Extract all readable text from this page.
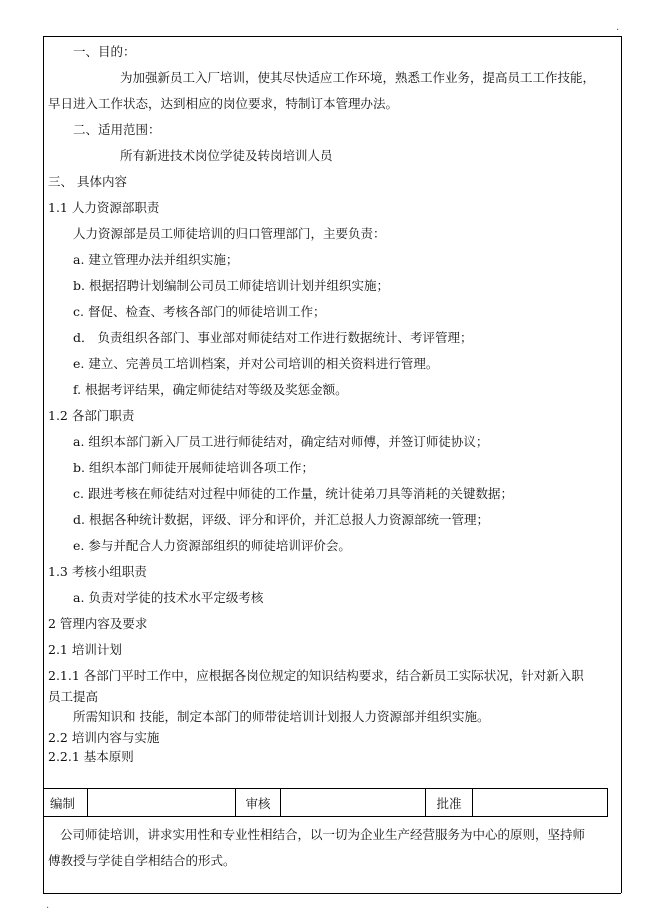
.
.
一、目的：
为加强新员工入厂培训，使其尽快适应工作环境，熟悉工作业务，提高员工工作技能，
早日进入工作状态，达到相应的岗位要求，特制订本管理办法。
二、适用范围：
所有新进技术岗位学徒及转岗培训人员
三、 具体内容
1.1 人力资源部职责
人力资源部是员工师徒培训的归口管理部门，主要负责：
a. 建立管理办法并组织实施；
b. 根据招聘计划编制公司员工师徒培训计划并组织实施；
c. 督促、检查、考核各部门的师徒培训工作；
d． 负责组织各部门、事业部对师徒结对工作进行数据统计、考评管理；
e. 建立、完善员工培训档案，并对公司培训的相关资料进行管理。
f. 根据考评结果，确定师徒结对等级及奖惩金额。
1.2 各部门职责
a. 组织本部门新入厂员工进行师徒结对，确定结对师傅，并签订师徒协议；
b. 组织本部门师徒开展师徒培训各项工作；
c. 跟进考核在师徒结对过程中师徒的工作量，统计徒弟刀具等消耗的关键数据；
d. 根据各种统计数据，评级、评分和评价，并汇总报人力资源部统一管理；
e. 参与并配合人力资源部组织的师徒培训评价会。
1.3 考核小组职责
a. 负责对学徒的技术水平定级考核
2 管理内容及要求
2.1 培训计划
2.1.1 各部门平时工作中，应根据各岗位规定的知识结构要求，结合新员工实际状况，针对新入职
员工提高
所需知识和 技能，制定本部门的师带徒培训计划报人力资源部并组织实施。
2.2 培训内容与实施
2.2.1 基本原则
公司师徒培训，讲求实用性和专业性相结合，以一切为企业生产经营服务为中心的原则，坚持师
傅教授与学徒自学相结合的形式。
编制		审核		批准	
